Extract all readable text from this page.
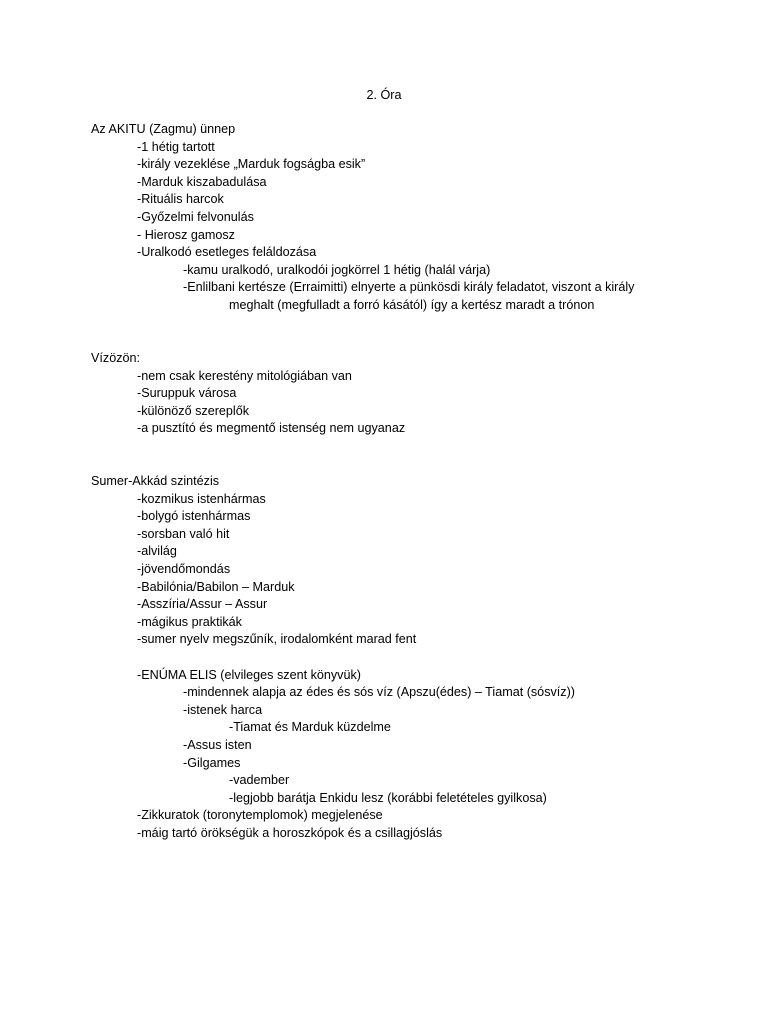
2. Óra
Az AKITU (Zagmu) ünnep
-1 hétig tartott
-király vezeklése „Marduk fogságba esik”
-Marduk kiszabadulása
-Rituális harcok
-Győzelmi felvonulás
- Hierosz gamosz
-Uralkodó esetleges feláldozása
-kamu uralkodó, uralkodói jogkörrel 1 hétig (halál várja)
-Enlilbani kertésze (Erraimitti) elnyerte a pünkösdi király feladatot, viszont a király
meghalt (megfulladt a forró kásától) így a kertész maradt a trónon
Vízözön:
-nem csak kerestény mitológiában van
-Suruppuk városa
-különöző szereplők
-a pusztító és megmentő istenség nem ugyanaz
Sumer-Akkád szintézis
-kozmikus istenhármas
-bolygó istenhármas
-sorsban való hit
-alvilág
-jövendőmondás
-Babilónia/Babilon – Marduk
-Asszíria/Assur – Assur
-mágikus praktikák
-sumer nyelv megszűník, irodalomként marad fent
-ENÚMA ELIS (elvileges szent könyvük)
-mindennek alapja az édes és sós víz (Apszu(édes) – Tiamat (sósvíz))
-istenek harca
-Tiamat és Marduk küzdelme
-Assus isten
-Gilgames
-vadember
-legjobb barátja Enkidu lesz (korábbi feletételes gyilkosa)
-Zikkuratok (toronytemplomok) megjelenése
-máig tartó örökségük a horoszkópok és a csillagjóslás
